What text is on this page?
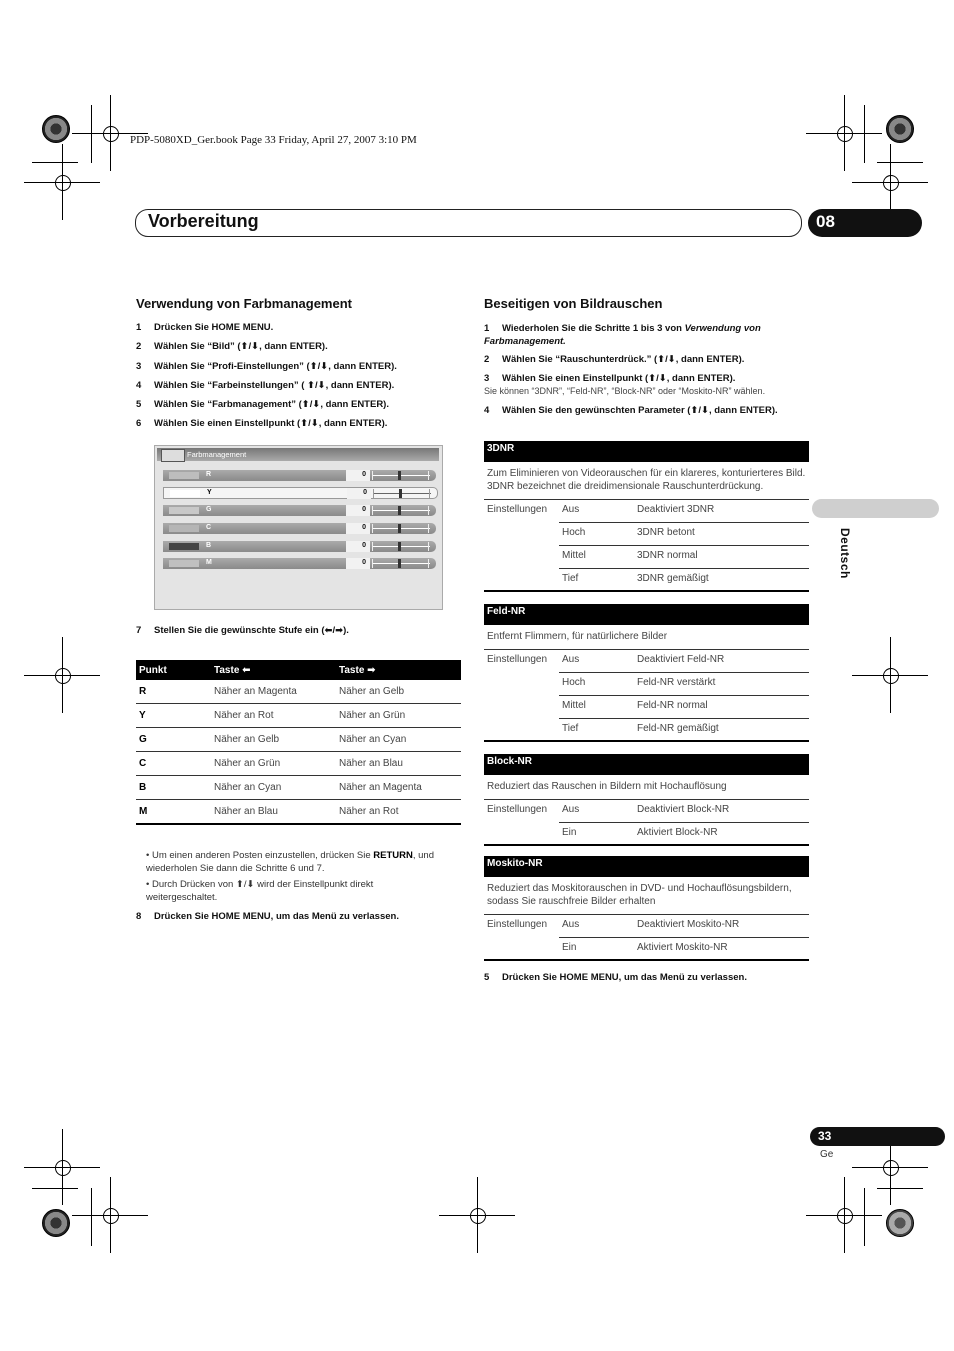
PDP-5080XD_Ger.book Page 33 Friday, April 27, 2007 3:10 PM
Vorbereitung	08
Deutsch
Verwendung von Farbmanagement
1 Drücken Sie HOME MENU.
2 Wählen Sie “Bild” (⬆/⬇, dann ENTER).
3 Wählen Sie “Profi-Einstellungen” (⬆/⬇, dann ENTER).
4 Wählen Sie “Farbeinstellungen” ( ⬆/⬇, dann ENTER).
5 Wählen Sie “Farbmanagement” (⬆/⬇, dann ENTER).
6 Wählen Sie einen Einstellpunkt (⬆/⬇, dann ENTER).
Farbmanagement
R	0
Y	0
G	0
C	0
B	0
M	0
7 Stellen Sie die gewünschte Stufe ein (⬅/➡).
Punkt	Taste ⬅	Taste ➡
R	Näher an Magenta	Näher an Gelb
Y	Näher an Rot	Näher an Grün
G	Näher an Gelb	Näher an Cyan
C	Näher an Grün	Näher an Blau
B	Näher an Cyan	Näher an Magenta
M	Näher an Blau	Näher an Rot
• Um einen anderen Posten einzustellen, drücken Sie RETURN, und wiederholen Sie dann die Schritte 6 und 7.
• Durch Drücken von ⬆/⬇ wird der Einstellpunkt direkt weitergeschaltet.
8 Drücken Sie HOME MENU, um das Menü zu verlassen.
Beseitigen von Bildrauschen
1 Wiederholen Sie die Schritte 1 bis 3 von Verwendung von Farbmanagement.
2 Wählen Sie “Rauschunterdrück.” (⬆/⬇, dann ENTER).
3 Wählen Sie einen Einstellpunkt (⬆/⬇, dann ENTER).
Sie können “3DNR”, “Feld-NR”, “Block-NR” oder “Moskito-NR” wählen.
4 Wählen Sie den gewünschten Parameter (⬆/⬇, dann ENTER).
3DNR
Zum Eliminieren von Videorauschen für ein klareres, konturierteres Bild. 3DNR bezeichnet die dreidimensionale Rauschunterdrückung.
Einstellungen Aus	Deaktiviert 3DNR
Hoch	3DNR betont
Mittel	3DNR normal
Tief	3DNR gemäßigt
Feld-NR
Entfernt Flimmern, für natürlichere Bilder
Einstellungen Aus	Deaktiviert Feld-NR
Hoch	Feld-NR verstärkt
Mittel	Feld-NR normal
Tief	Feld-NR gemäßigt
Block-NR
Reduziert das Rauschen in Bildern mit Hochauflösung
Einstellungen Aus	Deaktiviert Block-NR
Ein	Aktiviert Block-NR
Moskito-NR
Reduziert das Moskitorauschen in DVD- und Hochauflösungsbildern, sodass Sie rauschfreie Bilder erhalten
Einstellungen Aus	Deaktiviert Moskito-NR
Ein	Aktiviert Moskito-NR
5 Drücken Sie HOME MENU, um das Menü zu verlassen.
33
Ge
